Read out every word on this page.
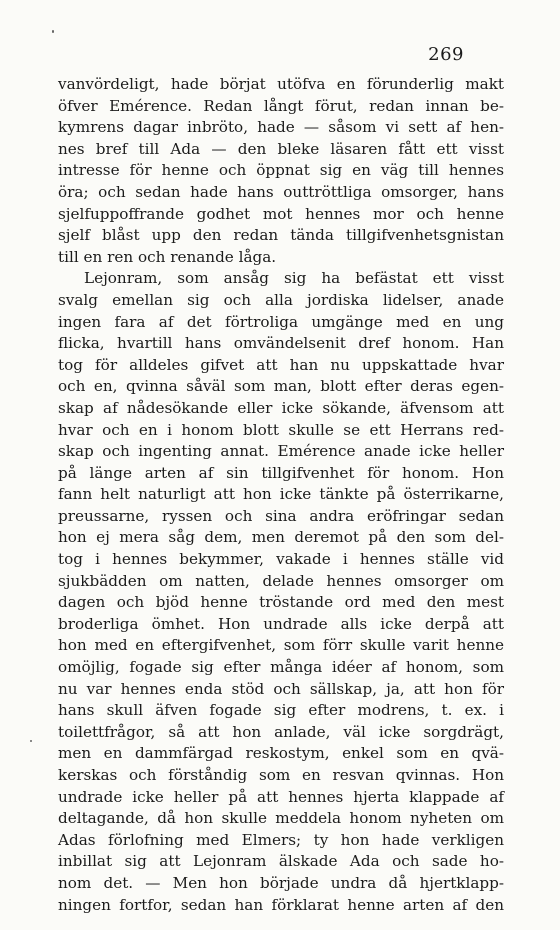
269
vanvördeligt, hade börjat utöfva en förunderlig makt
öfver Emérence. Redan långt förut, redan innan be-
kymrens dagar inbröto, hade — såsom vi sett af hen-
nes bref till Ada — den bleke läsaren fått ett visst
intresse för henne och öppnat sig en väg till hennes
öra; och sedan hade hans outtröttliga omsorger, hans
sjelfuppoffrande godhet mot hennes mor och henne
sjelf blåst upp den redan tända tillgifvenhetsgnistan
till en ren och renande låga.
Lejonram, som ansåg sig ha befästat ett visst
svalg emellan sig och alla jordiska lidelser, anade
ingen fara af det förtroliga umgänge med en ung
flicka, hvartill hans omvändelsenit dref honom. Han
tog för alldeles gifvet att han nu uppskattade hvar
och en, qvinna såväl som man, blott efter deras egen-
skap af nådesökande eller icke sökande, äfvensom att
hvar och en i honom blott skulle se ett Herrans red-
skap och ingenting annat. Emérence anade icke heller
på länge arten af sin tillgifvenhet för honom. Hon
fann helt naturligt att hon icke tänkte på österrikarne,
preussarne, ryssen och sina andra eröfringar sedan
hon ej mera såg dem, men deremot på den som del-
tog i hennes bekymmer, vakade i hennes ställe vid
sjukbädden om natten, delade hennes omsorger om
dagen och bjöd henne tröstande ord med den mest
broderliga ömhet. Hon undrade alls icke derpå att
hon med en eftergifvenhet, som förr skulle varit henne
omöjlig, fogade sig efter många idéer af honom, som
nu var hennes enda stöd och sällskap, ja, att hon för
hans skull äfven fogade sig efter modrens, t. ex. i
toilettfrågor, så att hon anlade, väl icke sorgdrägt,
men en dammfärgad reskostym, enkel som en qvä-
kerskas och förståndig som en resvan qvinnas. Hon
undrade icke heller på att hennes hjerta klappade af
deltagande, då hon skulle meddela honom nyheten om
Adas förlofning med Elmers; ty hon hade verkligen
inbillat sig att Lejonram älskade Ada och sade ho-
nom det. — Men hon började undra då hjertklapp-
ningen fortfor, sedan han förklarat henne arten af den
